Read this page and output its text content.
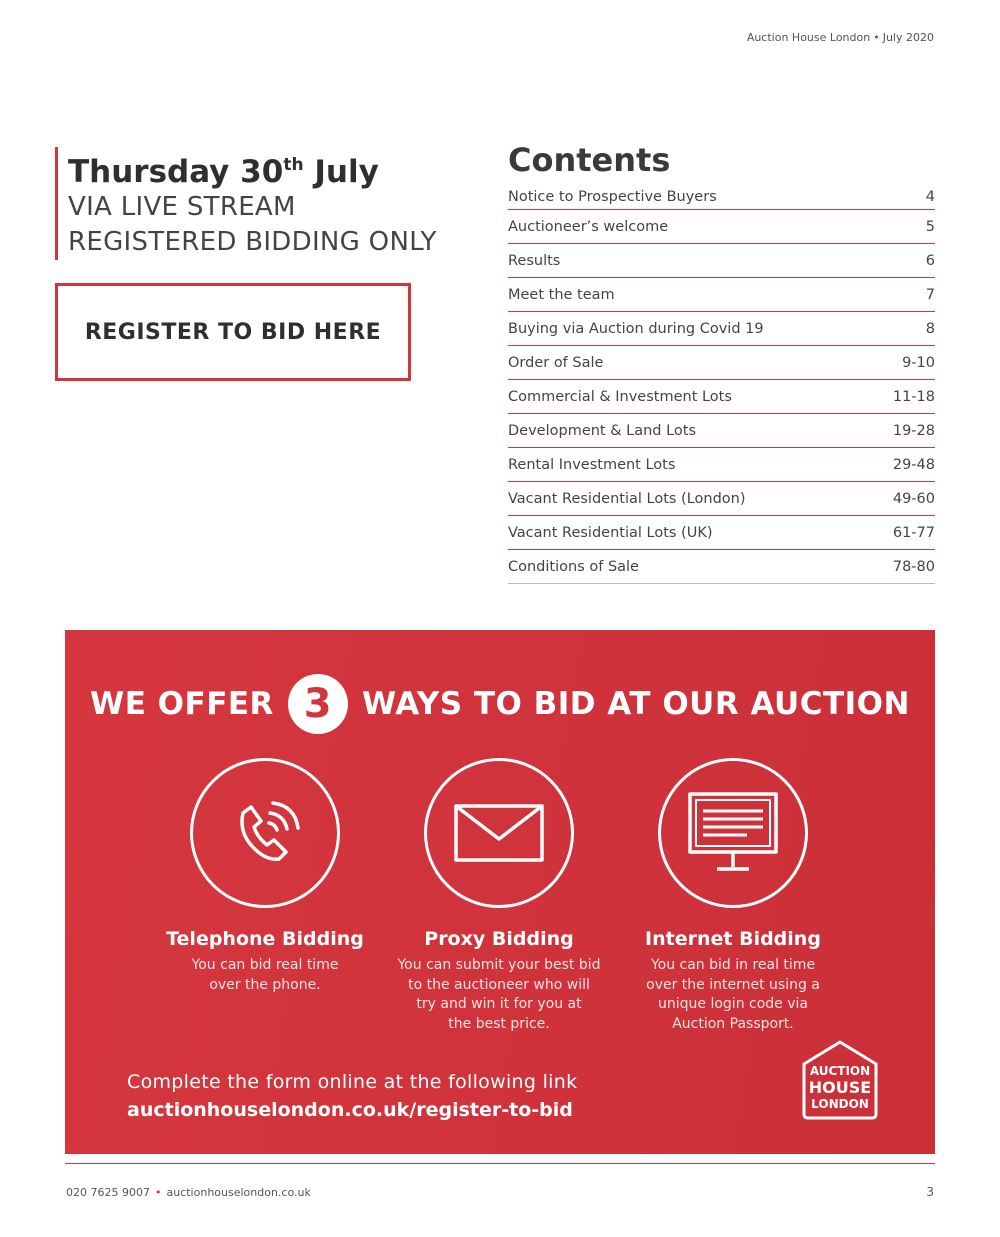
Auction House London • July 2020
Thursday 30th July
VIA LIVE STREAM
REGISTERED BIDDING ONLY
REGISTER TO BID HERE
Contents
Notice to Prospective Buyers	4
Auctioneer’s welcome	5
Results	6
Meet the team	7
Buying via Auction during Covid 19	8
Order of Sale	9-10
Commercial & Investment Lots	11-18
Development & Land Lots	19-28
Rental Investment Lots	29-48
Vacant Residential Lots (London)	49-60
Vacant Residential Lots (UK)	61-77
Conditions of Sale	78-80
WE OFFER 3 WAYS TO BID AT OUR AUCTION
Telephone Bidding

You can bid real time
over the phone.

Proxy Bidding

You can submit your best bid
to the auctioneer who will
try and win it for you at
the best price.

Internet Bidding

You can bid in real time
over the internet using a
unique login code via
Auction Passport.

Complete the form online at the following link
auctionhouselondon.co.uk/register-to-bid
AUCTION
HOUSE
LONDON
020 7625 9007 • auctionhouselondon.co.uk	3
